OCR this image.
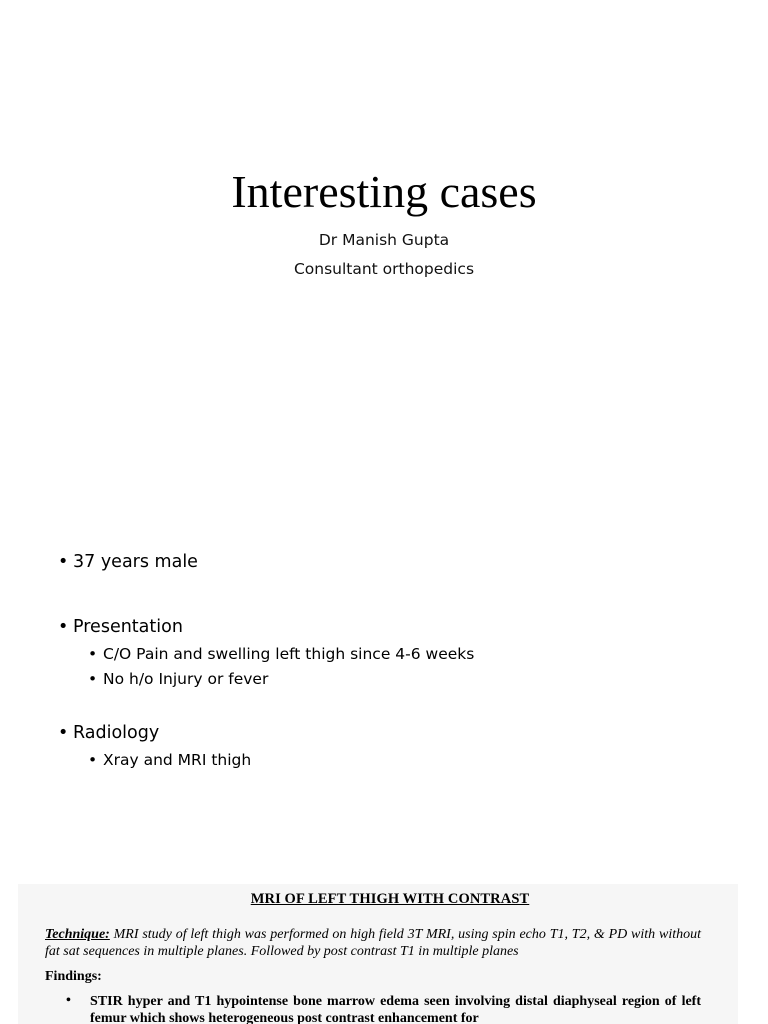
Interesting cases
Dr Manish Gupta
Consultant orthopedics
• 37 years male
• Presentation
• C/O Pain and swelling left thigh since 4-6 weeks
• No h/o Injury or fever
• Radiology
• Xray and MRI thigh
MRI OF LEFT THIGH WITH CONTRAST
Technique: MRI study of left thigh was performed on high field 3T MRI, using spin echo T1, T2, & PD with without fat sat sequences in multiple planes. Followed by post contrast T1 in multiple planes
Findings:
• STIR hyper and T1 hypointense bone marrow edema seen involving distal diaphyseal region of left femur which shows heterogeneous post contrast enhancement for
